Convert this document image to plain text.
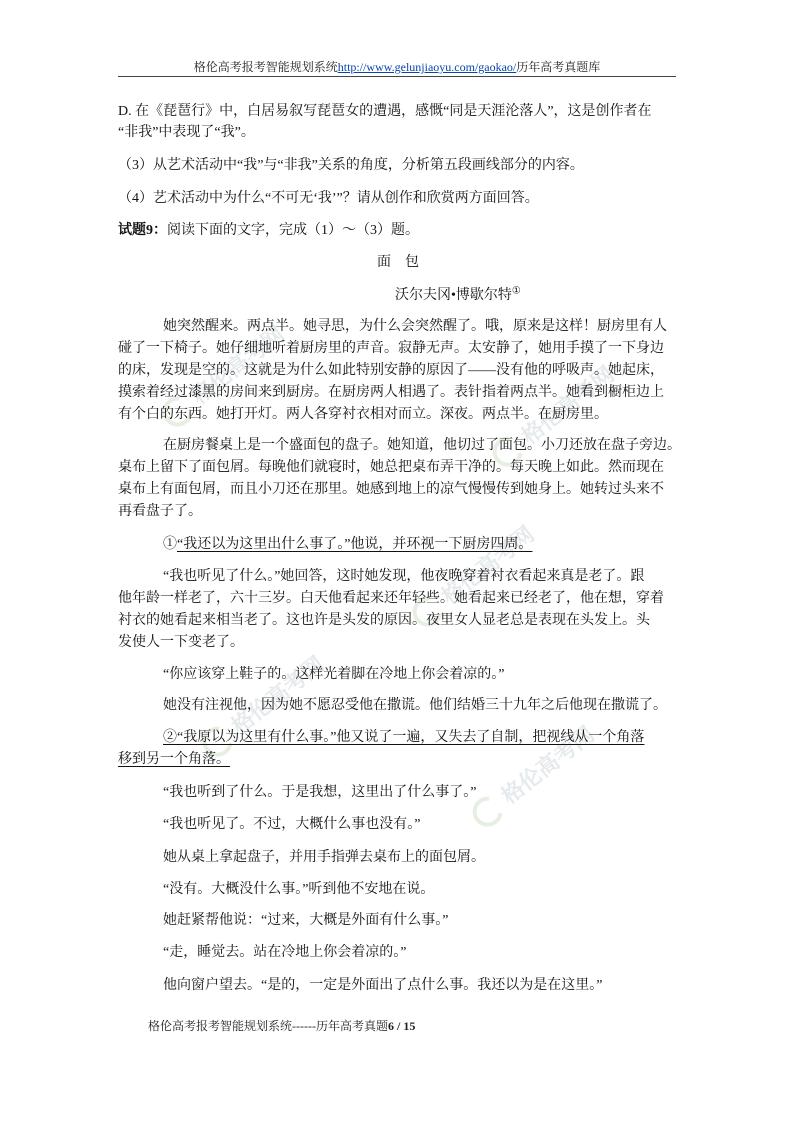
格伦高考网	格伦高考网
格伦高考网
格伦高考网
格伦高考网
格伦高考报考智能规划系统http://www.gelunjiaoyu.com/gaokao/历年高考真题库
D. 在《琵琶行》中，白居易叙写琵琶女的遭遇，感慨“同是天涯沦落人”，这是创作者在
“非我”中表现了“我”。
（3）从艺术活动中“我”与“非我”关系的角度，分析第五段画线部分的内容。
（4）艺术活动中为什么“不可无‘我’”？请从创作和欣赏两方面回答。
试题9：阅读下面的文字，完成（1）～（3）题。
面　包
沃尔夫冈•博歇尔特①
她突然醒来。两点半。她寻思，为什么会突然醒了。哦，原来是这样！厨房里有人
碰了一下椅子。她仔细地听着厨房里的声音。寂静无声。太安静了，她用手摸了一下身边
的床，发现是空的。这就是为什么如此特别安静的原因了——没有他的呼吸声。她起床，
摸索着经过漆黑的房间来到厨房。在厨房两人相遇了。表针指着两点半。她看到橱柜边上
有个白的东西。她打开灯。两人各穿衬衣相对而立。深夜。两点半。在厨房里。
在厨房餐桌上是一个盛面包的盘子。她知道，他切过了面包。小刀还放在盘子旁边。
桌布上留下了面包屑。每晚他们就寝时，她总把桌布弄干净的。每天晚上如此。然而现在
桌布上有面包屑，而且小刀还在那里。她感到地上的凉气慢慢传到她身上。她转过头来不
再看盘子了。
①“我还以为这里出什么事了。”他说，并环视一下厨房四周。
“我也听见了什么。”她回答，这时她发现，他夜晚穿着衬衣看起来真是老了。跟
他年龄一样老了，六十三岁。白天他看起来还年轻些。她看起来已经老了，他在想，穿着
衬衣的她看起来相当老了。这也许是头发的原因。夜里女人显老总是表现在头发上。头
发使人一下变老了。
“你应该穿上鞋子的。这样光着脚在冷地上你会着凉的。”
她没有注视他，因为她不愿忍受他在撒谎。他们结婚三十九年之后他现在撒谎了。
②“我原以为这里有什么事。”他又说了一遍，又失去了自制，把视线从一个角落
移到另一个角落。
“我也听到了什么。于是我想，这里出了什么事了。”
“我也听见了。不过，大概什么事也没有。”
她从桌上拿起盘子，并用手指弹去桌布上的面包屑。
“没有。大概没什么事。”听到他不安地在说。
她赶紧帮他说：“过来，大概是外面有什么事。”
“走，睡觉去。站在冷地上你会着凉的。”
他向窗户望去。“是的，一定是外面出了点什么事。我还以为是在这里。”
格伦高考报考智能规划系统------历年高考真题6 / 15
